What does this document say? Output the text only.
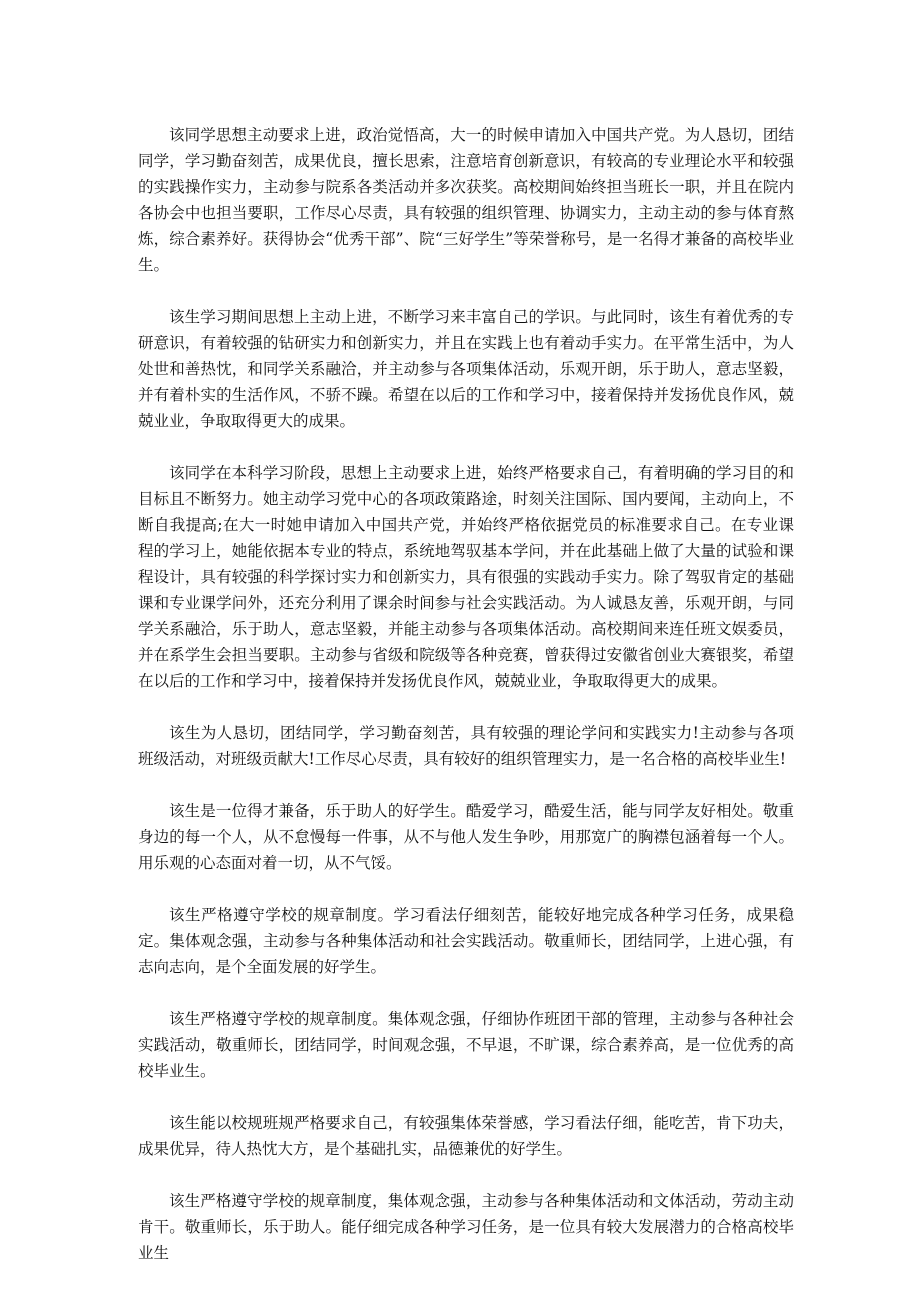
该同学思想主动要求上进，政治觉悟高，大一的时候申请加入中国共产党。为人恳切，团结同学，学习勤奋刻苦，成果优良，擅长思索，注意培育创新意识，有较高的专业理论水平和较强的实践操作实力，主动参与院系各类活动并多次获奖。高校期间始终担当班长一职，并且在院内各协会中也担当要职，工作尽心尽责，具有较强的组织管理、协调实力，主动主动的参与体育熬炼，综合素养好。获得协会“优秀干部”、院“三好学生”等荣誉称号，是一名得才兼备的高校毕业生。

该生学习期间思想上主动上进，不断学习来丰富自己的学识。与此同时，该生有着优秀的专研意识，有着较强的钻研实力和创新实力，并且在实践上也有着动手实力。在平常生活中，为人处世和善热忱，和同学关系融洽，并主动参与各项集体活动，乐观开朗，乐于助人，意志坚毅，并有着朴实的生活作风，不骄不躁。希望在以后的工作和学习中，接着保持并发扬优良作风，兢兢业业，争取取得更大的成果。

该同学在本科学习阶段，思想上主动要求上进，始终严格要求自己，有着明确的学习目的和目标且不断努力。她主动学习党中心的各项政策路途，时刻关注国际、国内要闻，主动向上，不断自我提高;在大一时她申请加入中国共产党，并始终严格依据党员的标准要求自己。在专业课程的学习上，她能依据本专业的特点，系统地驾驭基本学问，并在此基础上做了大量的试验和课程设计，具有较强的科学探讨实力和创新实力，具有很强的实践动手实力。除了驾驭肯定的基础课和专业课学问外，还充分利用了课余时间参与社会实践活动。为人诚恳友善，乐观开朗，与同学关系融洽，乐于助人，意志坚毅，并能主动参与各项集体活动。高校期间来连任班文娱委员，并在系学生会担当要职。主动参与省级和院级等各种竞赛，曾获得过安徽省创业大赛银奖，希望在以后的工作和学习中，接着保持并发扬优良作风，兢兢业业，争取取得更大的成果。

该生为人恳切，团结同学，学习勤奋刻苦，具有较强的理论学问和实践实力!主动参与各项班级活动，对班级贡献大!工作尽心尽责，具有较好的组织管理实力，是一名合格的高校毕业生!

该生是一位得才兼备，乐于助人的好学生。酷爱学习，酷爱生活，能与同学友好相处。敬重身边的每一个人，从不怠慢每一件事，从不与他人发生争吵，用那宽广的胸襟包涵着每一个人。用乐观的心态面对着一切，从不气馁。

该生严格遵守学校的规章制度。学习看法仔细刻苦，能较好地完成各种学习任务，成果稳定。集体观念强，主动参与各种集体活动和社会实践活动。敬重师长，团结同学，上进心强，有志向志向，是个全面发展的好学生。

该生严格遵守学校的规章制度。集体观念强，仔细协作班团干部的管理，主动参与各种社会实践活动，敬重师长，团结同学，时间观念强，不早退，不旷课，综合素养高，是一位优秀的高校毕业生。

该生能以校规班规严格要求自己，有较强集体荣誉感，学习看法仔细，能吃苦，肯下功夫，成果优异，待人热忱大方，是个基础扎实，品德兼优的好学生。

该生严格遵守学校的规章制度，集体观念强，主动参与各种集体活动和文体活动，劳动主动肯干。敬重师长，乐于助人。能仔细完成各种学习任务，是一位具有较大发展潜力的合格高校毕业生
